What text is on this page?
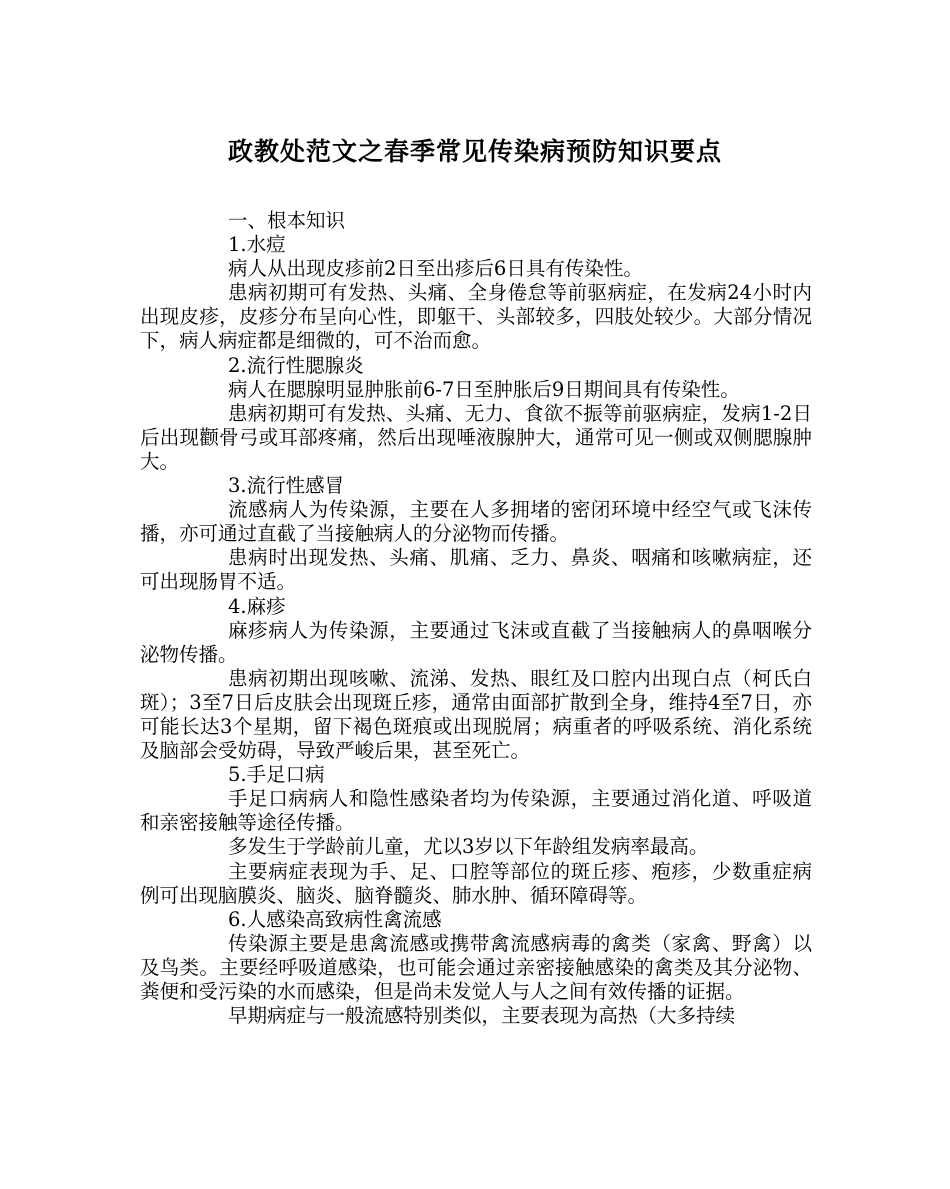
政教处范文之春季常见传染病预防知识要点

一、根本知识

1.水痘

病人从出现皮疹前2日至出疹后6日具有传染性。

患病初期可有发热、头痛、全身倦怠等前驱病症，在发病24小时内出现皮疹，皮疹分布呈向心性，即躯干、头部较多，四肢处较少。大部分情况下，病人病症都是细微的，可不治而愈。

2.流行性腮腺炎

病人在腮腺明显肿胀前6-7日至肿胀后9日期间具有传染性。

患病初期可有发热、头痛、无力、食欲不振等前驱病症，发病1-2日后出现颧骨弓或耳部疼痛，然后出现唾液腺肿大，通常可见一侧或双侧腮腺肿大。

3.流行性感冒

流感病人为传染源，主要在人多拥堵的密闭环境中经空气或飞沫传播，亦可通过直截了当接触病人的分泌物而传播。

患病时出现发热、头痛、肌痛、乏力、鼻炎、咽痛和咳嗽病症，还可出现肠胃不适。

4.麻疹

麻疹病人为传染源，主要通过飞沫或直截了当接触病人的鼻咽喉分泌物传播。

患病初期出现咳嗽、流涕、发热、眼红及口腔内出现白点（柯氏白斑）；3至7日后皮肤会出现斑丘疹，通常由面部扩散到全身，维持4至7日，亦可能长达3个星期，留下褐色斑痕或出现脱屑；病重者的呼吸系统、消化系统及脑部会受妨碍，导致严峻后果，甚至死亡。

5.手足口病

手足口病病人和隐性感染者均为传染源，主要通过消化道、呼吸道和亲密接触等途径传播。

多发生于学龄前儿童，尤以3岁以下年龄组发病率最高。

主要病症表现为手、足、口腔等部位的斑丘疹、疱疹，少数重症病例可出现脑膜炎、脑炎、脑脊髓炎、肺水肿、循环障碍等。

6.人感染高致病性禽流感

传染源主要是患禽流感或携带禽流感病毒的禽类（家禽、野禽）以及鸟类。主要经呼吸道感染，也可能会通过亲密接触感染的禽类及其分泌物、粪便和受污染的水而感染，但是尚未发觉人与人之间有效传播的证据。

早期病症与一般流感特别类似，主要表现为高热（大多持续
